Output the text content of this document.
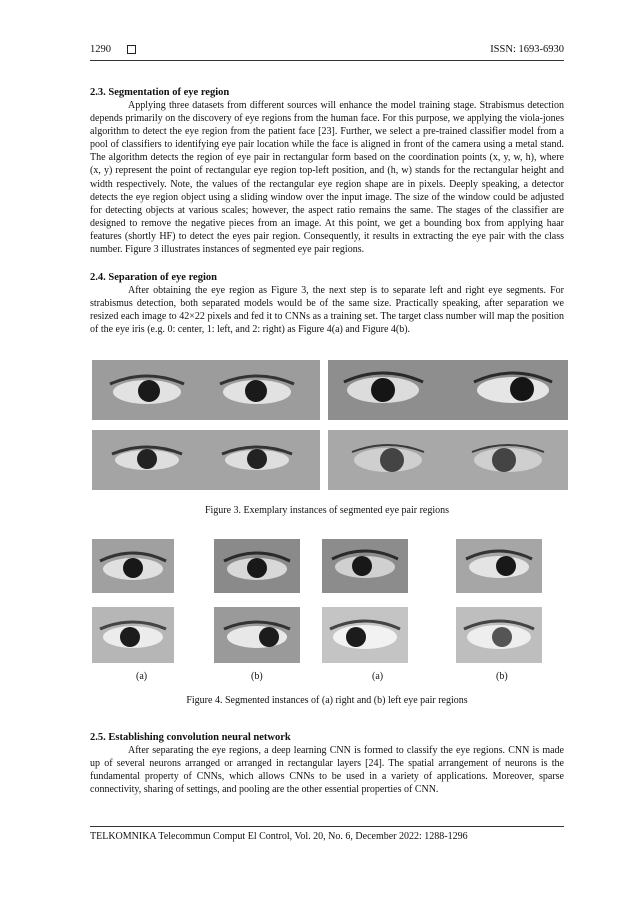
1290	ISSN: 1693-6930

2.3. Segmentation of eye region

Applying three datasets from different sources will enhance the model training stage. Strabismus detection depends primarily on the discovery of eye regions from the human face. For this purpose, we applying the viola-jones algorithm to detect the eye region from the patient face [23]. Further, we select a pre-trained classifier model from a pool of classifiers to identifying eye pair location while the face is aligned in front of the camera using a metal stand. The algorithm detects the region of eye pair in rectangular form based on the coordination points (x, y, w, h), where (x, y) represent the point of rectangular eye region top-left position, and (h, w) stands for the rectangular height and width respectively. Note, the values of the rectangular eye region shape are in pixels. Deeply speaking, a detector detects the eye region object using a sliding window over the input image. The size of the window could be adjusted for detecting objects at various scales; however, the aspect ratio remains the same. The stages of the classifier are designed to remove the negative pieces from an image. At this point, we get a bounding box from applying haar features (shortly HF) to detect the eyes pair region. Consequently, it results in extracting the eye pair with the class number. Figure 3 illustrates instances of segmented eye pair regions.

2.4. Separation of eye region

After obtaining the eye region as Figure 3, the next step is to separate left and right eye segments. For strabismus detection, both separated models would be of the same size. Practically speaking, after separation we resized each image to 42×22 pixels and fed it to CNNs as a training set. The target class number will map the position of the eye iris (e.g. 0: center, 1: left, and 2: right) as Figure 4(a) and Figure 4(b).

Figure 3. Exemplary instances of segmented eye pair regions
(a)	(b)	(a)	(b)
Figure 4. Segmented instances of (a) right and (b) left eye pair regions

2.5. Establishing convolution neural network

After separating the eye regions, a deep learning CNN is formed to classify the eye regions. CNN is made up of several neurons arranged or arranged in rectangular layers [24]. The spatial arrangement of neurons is the fundamental property of CNNs, which allows CNNs to be used in a variety of applications. Moreover, sparse connectivity, sharing of settings, and pooling are the other essential properties of CNN.

TELKOMNIKA Telecommun Comput El Control, Vol. 20, No. 6, December 2022: 1288-1296
